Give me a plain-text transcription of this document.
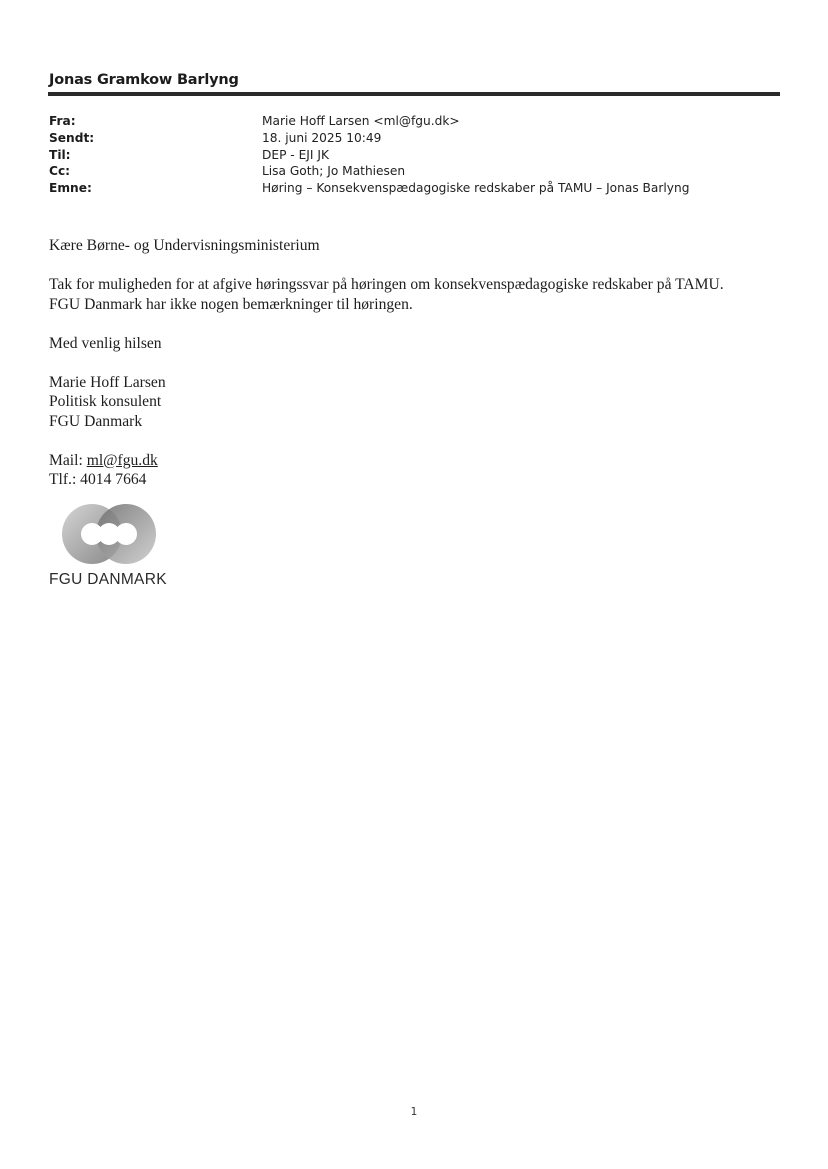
Jonas Gramkow Barlyng
Fra:	Marie Hoff Larsen <ml@fgu.dk>
Sendt:	18. juni 2025 10:49
Til:	DEP - EJI JK
Cc:	Lisa Goth; Jo Mathiesen
Emne:	Høring – Konsekvenspædagogiske redskaber på TAMU – Jonas Barlyng

Kære Børne- og Undervisningsministerium

Tak for muligheden for at afgive høringssvar på høringen om konsekvenspædagogiske redskaber på TAMU.

FGU Danmark har ikke nogen bemærkninger til høringen.

Med venlig hilsen

Marie Hoff Larsen

Politisk konsulent

FGU Danmark

Mail: ml@fgu.dk

Tlf.: 4014 7664

FGU DANMARK
1
